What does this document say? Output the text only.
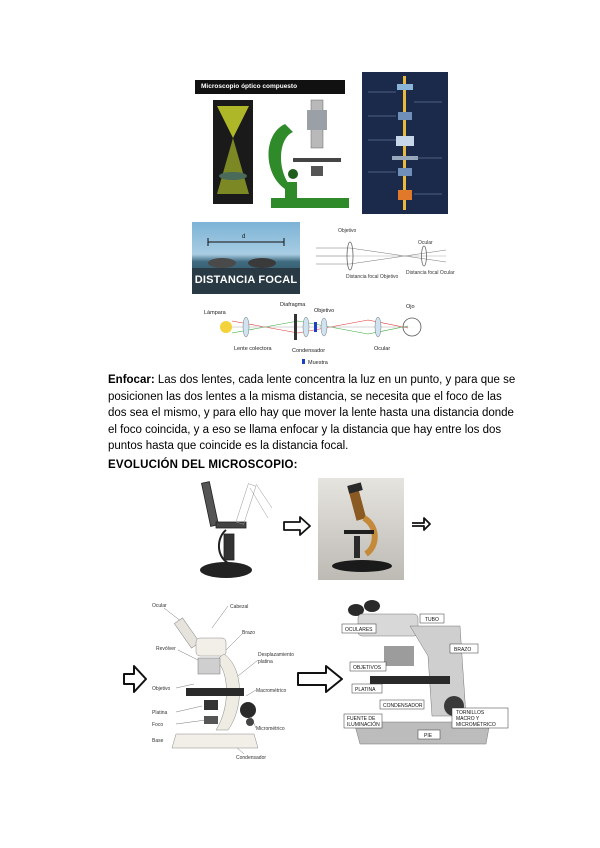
Microscopio óptico compuesto
d
DISTANCIA FOCAL
Objetivo
Ocular
Distancia focal Objetivo
Distancia focal Ocular
Lámpara
Diafragma
Objetivo
Ojo
Lente colectora	Condensador	Ocular
Muestra
Enfocar: Las dos lentes, cada lente concentra la luz en un punto, y para que se posicionen las dos lentes a la misma distancia, se necesita que el foco de las dos sea el mismo, y para ello hay que mover la lente hasta una distancia donde el foco coincida, y a eso se llama enfocar y la distancia que hay entre los dos puntos hasta que coincide es la distancia focal.
EVOLUCIÓN DEL MICROSCOPIO:
Ocular	Cabezal
Brazo
Revólver
Desplazamiento
platina
Objetivo	Macrométrico
Platina
Foco
Micrométrico
Base
Condensador
TUBO
OCULARES
BRAZO
OBJETIVOS
PLATINA
CONDENSADOR
FUENTE DE
ILUMINACIÓN
TORNILLOS
MACRO Y
MICROMÉTRICO
PIE
